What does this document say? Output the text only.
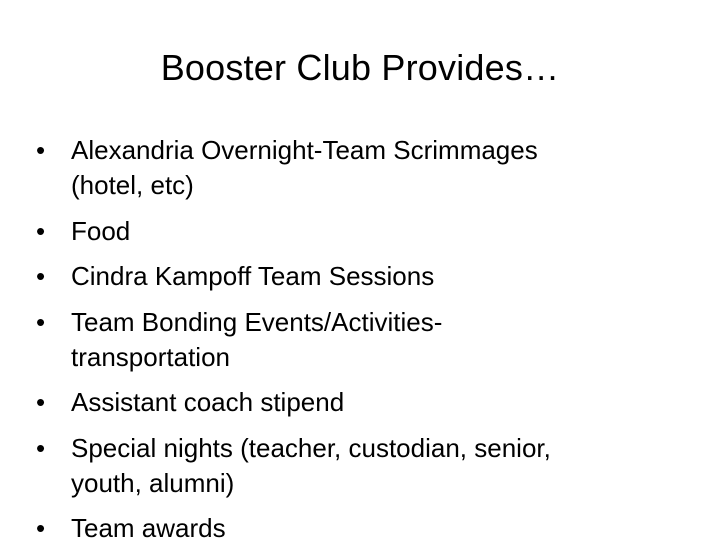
Booster Club Provides…
• Alexandria Overnight-Team Scrimmages
(hotel, etc)
• Food
• Cindra Kampoff Team Sessions
• Team Bonding Events/Activities-
transportation
• Assistant coach stipend
• Special nights (teacher, custodian, senior,
youth, alumni)
• Team awards
